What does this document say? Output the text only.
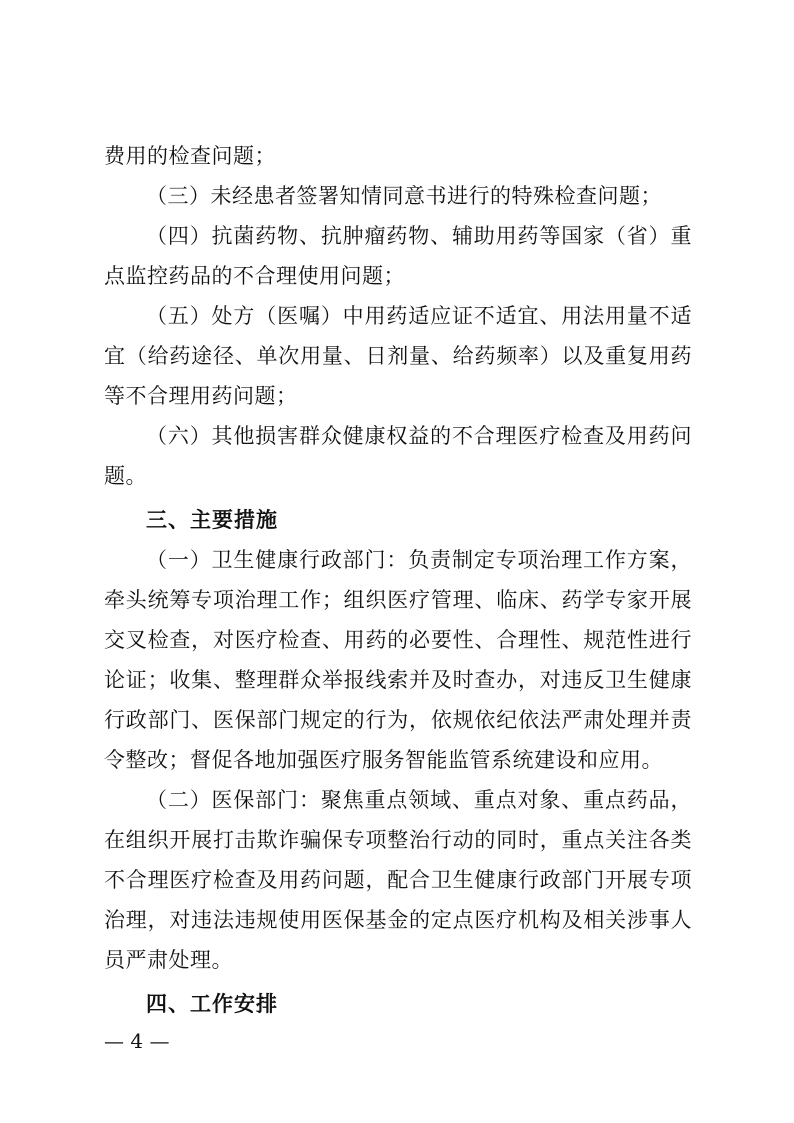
费用的检查问题；
（三）未经患者签署知情同意书进行的特殊检查问题；
（四）抗菌药物、抗肿瘤药物、辅助用药等国家（省）重
点监控药品的不合理使用问题；
（五）处方（医嘱）中用药适应证不适宜、用法用量不适
宜（给药途径、单次用量、日剂量、给药频率）以及重复用药
等不合理用药问题；
（六）其他损害群众健康权益的不合理医疗检查及用药问
题。
三、主要措施
（一）卫生健康行政部门：负责制定专项治理工作方案，
牵头统筹专项治理工作；组织医疗管理、临床、药学专家开展
交叉检查，对医疗检查、用药的必要性、合理性、规范性进行
论证；收集、整理群众举报线索并及时查办，对违反卫生健康
行政部门、医保部门规定的行为，依规依纪依法严肃处理并责
令整改；督促各地加强医疗服务智能监管系统建设和应用。
（二）医保部门：聚焦重点领域、重点对象、重点药品，
在组织开展打击欺诈骗保专项整治行动的同时，重点关注各类
不合理医疗检查及用药问题，配合卫生健康行政部门开展专项
治理，对违法违规使用医保基金的定点医疗机构及相关涉事人
员严肃处理。
四、工作安排
— 4 —
